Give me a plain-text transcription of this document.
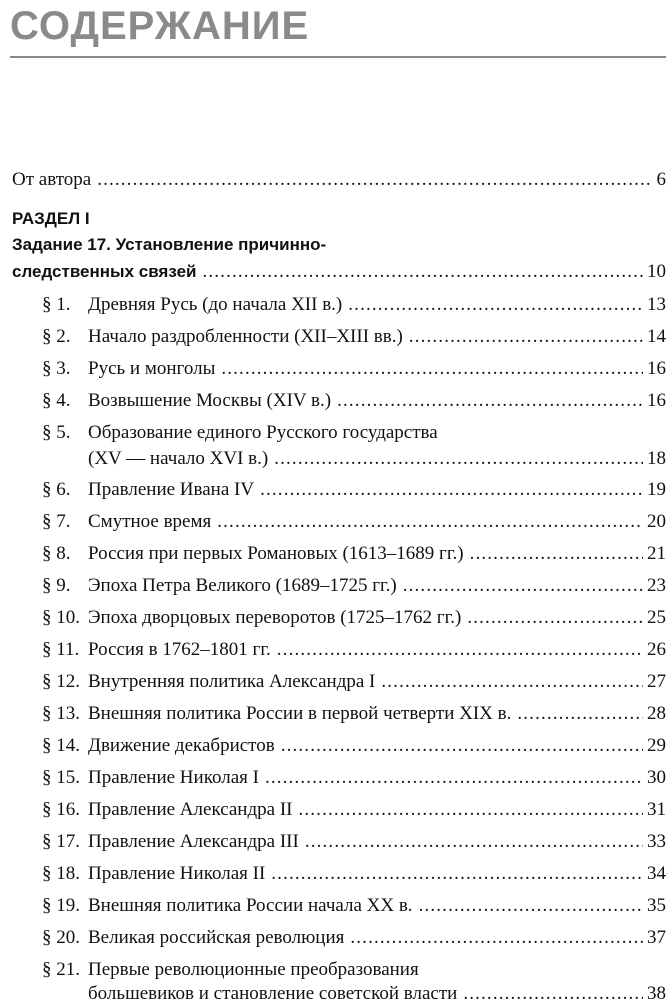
СОДЕРЖАНИЕ
От автора . . .	6
РАЗДЕЛ I
Задание 17. Установление причинно-
следственных связей . . .	10
§ 1. Древняя Русь (до начала XII в.) . . .	13
§ 2. Начало раздробленности (XII–XIII вв.) . . .	14
§ 3. Русь и монголы . . .	16
§ 4. Возвышение Москвы (XIV в.) . . .	16
§ 5. Образование единого Русского государства
(XV — начало XVI в.) . . .	18
§ 6. Правление Ивана IV . . .	19
§ 7. Смутное время . . .	20
§ 8. Россия при первых Романовых (1613–1689 гг.) . . .	21
§ 9. Эпоха Петра Великого (1689–1725 гг.) . . .	23
§ 10. Эпоха дворцовых переворотов (1725–1762 гг.) . . .	25
§ 11. Россия в 1762–1801 гг. . . .	26
§ 12. Внутренняя политика Александра I . . .	27
§ 13. Внешняя политика России в первой четверти XIX в. . . .	28
§ 14. Движение декабристов . . .	29
§ 15. Правление Николая I . . .	30
§ 16. Правление Александра II . . .	31
§ 17. Правление Александра III . . .	33
§ 18. Правление Николая II . . .	34
§ 19. Внешняя политика России начала XX в. . . .	35
§ 20. Великая российская революция . . .	37
§ 21. Первые революционные преобразования
большевиков и становление советской власти . . .	38
